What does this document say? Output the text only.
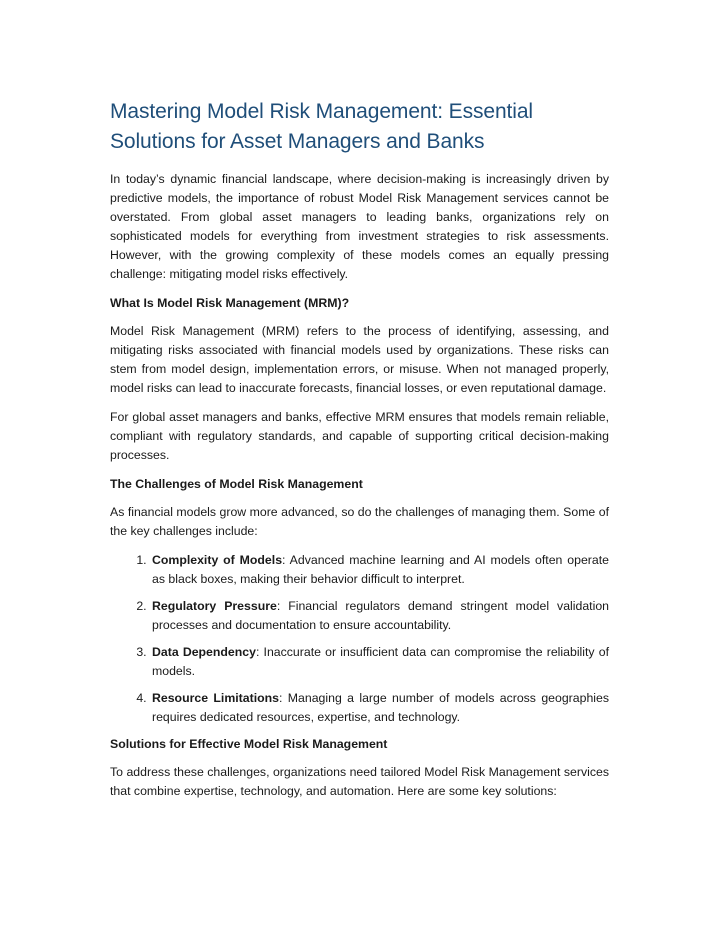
Mastering Model Risk Management: Essential Solutions for Asset Managers and Banks

In today’s dynamic financial landscape, where decision-making is increasingly driven by predictive models, the importance of robust Model Risk Management services cannot be overstated. From global asset managers to leading banks, organizations rely on sophisticated models for everything from investment strategies to risk assessments. However, with the growing complexity of these models comes an equally pressing challenge: mitigating model risks effectively.

What Is Model Risk Management (MRM)?

Model Risk Management (MRM) refers to the process of identifying, assessing, and mitigating risks associated with financial models used by organizations. These risks can stem from model design, implementation errors, or misuse. When not managed properly, model risks can lead to inaccurate forecasts, financial losses, or even reputational damage.

For global asset managers and banks, effective MRM ensures that models remain reliable, compliant with regulatory standards, and capable of supporting critical decision-making processes.

The Challenges of Model Risk Management

As financial models grow more advanced, so do the challenges of managing them. Some of the key challenges include:

1. Complexity of Models: Advanced machine learning and AI models often operate as black boxes, making their behavior difficult to interpret.
2. Regulatory Pressure: Financial regulators demand stringent model validation processes and documentation to ensure accountability.
3. Data Dependency: Inaccurate or insufficient data can compromise the reliability of models.
4. Resource Limitations: Managing a large number of models across geographies requires dedicated resources, expertise, and technology.
Solutions for Effective Model Risk Management

To address these challenges, organizations need tailored Model Risk Management services that combine expertise, technology, and automation. Here are some key solutions:
